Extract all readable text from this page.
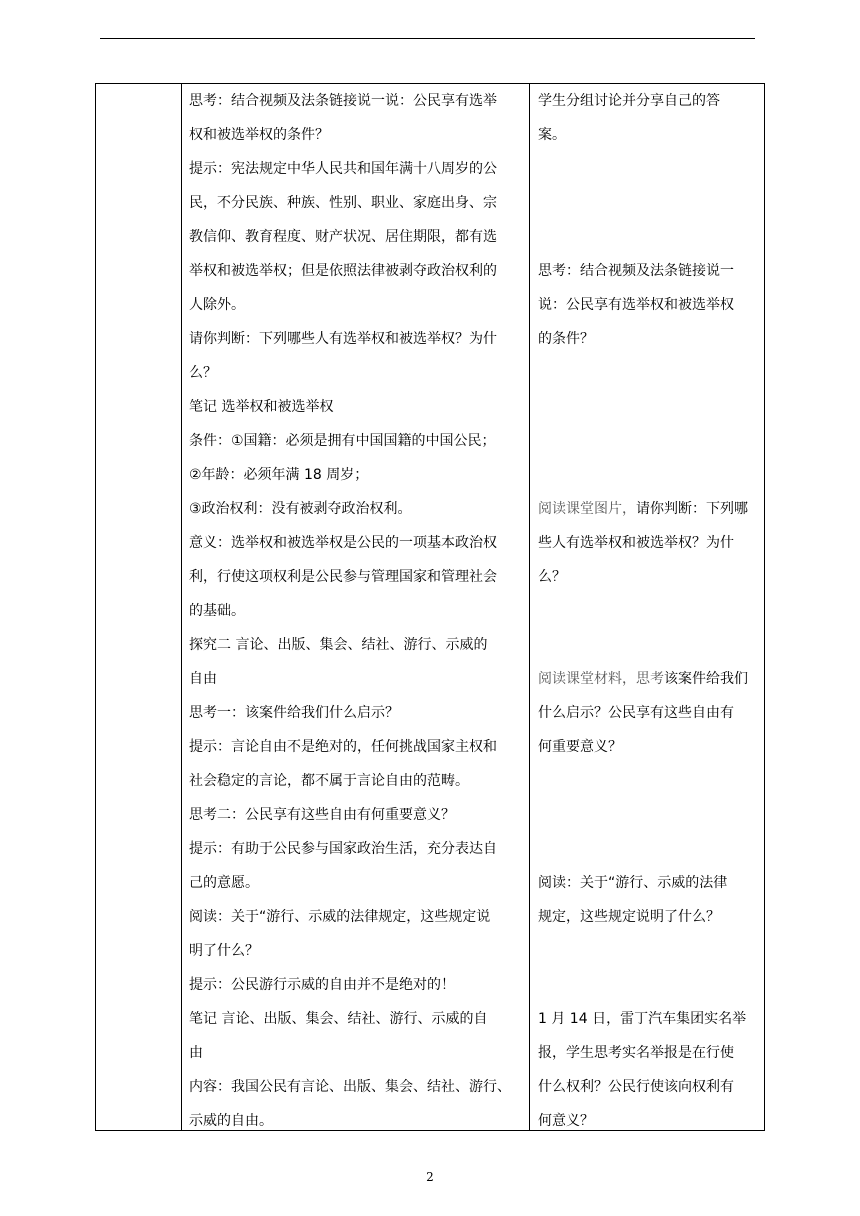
思考：结合视频及法条链接说一说：公民享有选举

权和被选举权的条件？

提示：宪法规定中华人民共和国年满十八周岁的公

民，不分民族、种族、性别、职业、家庭出身、宗

教信仰、教育程度、财产状况、居住期限，都有选

举权和被选举权；但是依照法律被剥夺政治权利的

人除外。

请你判断：下列哪些人有选举权和被选举权？为什

么？

笔记 选举权和被选举权

条件：①国籍：必须是拥有中国国籍的中国公民；

②年龄：必须年满 18 周岁；

③政治权利：没有被剥夺政治权利。

意义：选举权和被选举权是公民的一项基本政治权

利，行使这项权利是公民参与管理国家和管理社会

的基础。

探究二 言论、出版、集会、结社、游行、示威的

自由

思考一：该案件给我们什么启示？

提示：言论自由不是绝对的，任何挑战国家主权和

社会稳定的言论，都不属于言论自由的范畴。

思考二：公民享有这些自由有何重要意义？

提示：有助于公民参与国家政治生活，充分表达自

己的意愿。

阅读：关于“游行、示威的法律规定，这些规定说

明了什么？

提示：公民游行示威的自由并不是绝对的！

笔记 言论、出版、集会、结社、游行、示威的自

由

内容：我国公民有言论、出版、集会、结社、游行、

示威的自由。

学生分组讨论并分享自己的答

案。

思考：结合视频及法条链接说一

说：公民享有选举权和被选举权

的条件？

阅读课堂图片，请你判断：下列哪

些人有选举权和被选举权？为什

么？

阅读课堂材料，思考该案件给我们

什么启示？公民享有这些自由有

何重要意义？

阅读：关于“游行、示威的法律

规定，这些规定说明了什么？

1 月 14 日，雷丁汽车集团实名举

报，学生思考实名举报是在行使

什么权利？公民行使该向权利有

何意义？

2
